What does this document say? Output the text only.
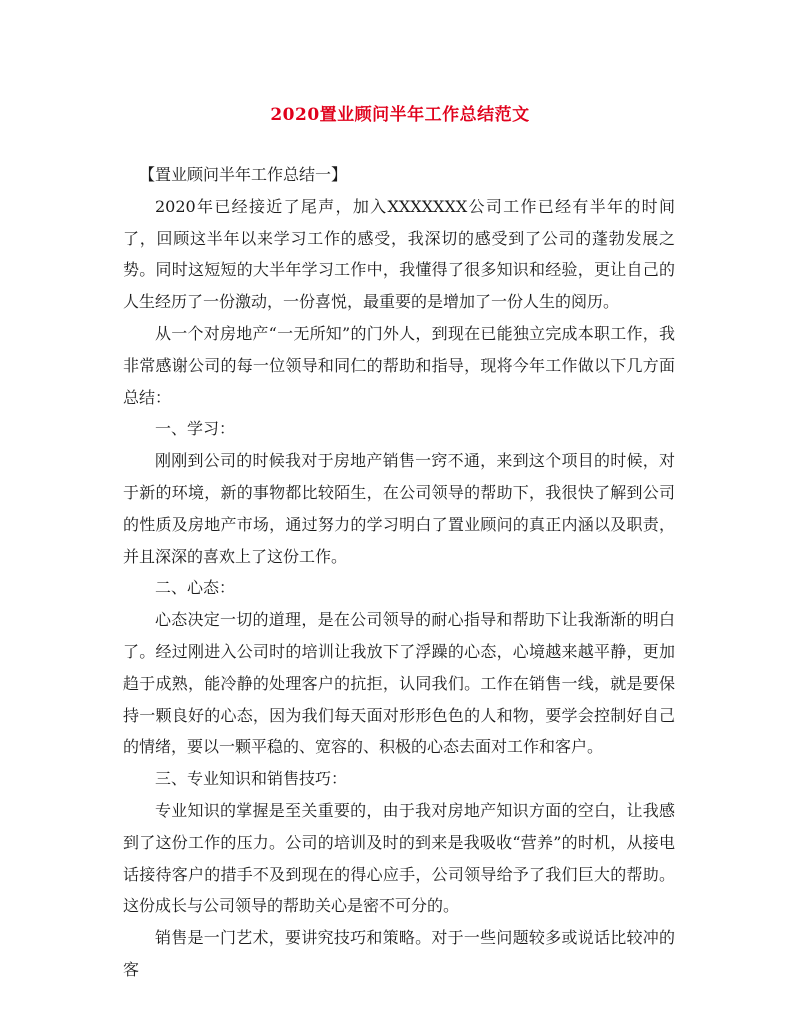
2020置业顾问半年工作总结范文

【置业顾问半年工作总结一】

2020年已经接近了尾声，加入XXXXXXX公司工作已经有半年的时间了，回顾这半年以来学习工作的感受，我深切的感受到了公司的蓬勃发展之势。同时这短短的大半年学习工作中，我懂得了很多知识和经验，更让自己的人生经历了一份激动，一份喜悦，最重要的是增加了一份人生的阅历。

从一个对房地产“一无所知”的门外人，到现在已能独立完成本职工作，我非常感谢公司的每一位领导和同仁的帮助和指导，现将今年工作做以下几方面总结：

一、学习：

刚刚到公司的时候我对于房地产销售一窍不通，来到这个项目的时候，对于新的环境，新的事物都比较陌生，在公司领导的帮助下，我很快了解到公司的性质及房地产市场，通过努力的学习明白了置业顾问的真正内涵以及职责，并且深深的喜欢上了这份工作。

二、心态：

心态决定一切的道理，是在公司领导的耐心指导和帮助下让我渐渐的明白了。经过刚进入公司时的培训让我放下了浮躁的心态，心境越来越平静，更加趋于成熟，能冷静的处理客户的抗拒，认同我们。工作在销售一线，就是要保持一颗良好的心态，因为我们每天面对形形色色的人和物，要学会控制好自己的情绪，要以一颗平稳的、宽容的、积极的心态去面对工作和客户。

三、专业知识和销售技巧：

专业知识的掌握是至关重要的，由于我对房地产知识方面的空白，让我感到了这份工作的压力。公司的培训及时的到来是我吸收“营养”的时机，从接电话接待客户的措手不及到现在的得心应手，公司领导给予了我们巨大的帮助。这份成长与公司领导的帮助关心是密不可分的。

销售是一门艺术，要讲究技巧和策略。对于一些问题较多或说话比较冲的客
